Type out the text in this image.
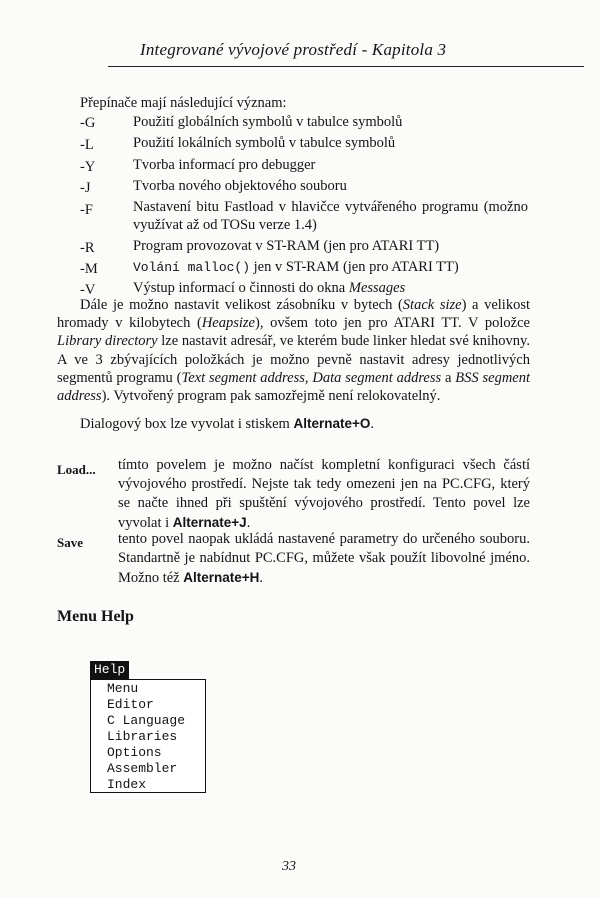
Integrované vývojové prostředí - Kapitola 3
Přepínače mají následující význam:
-G	Použití globálních symbolů v tabulce symbolů
-L	Použití lokálních symbolů v tabulce symbolů
-Y	Tvorba informací pro debugger
-J	Tvorba nového objektového souboru
-F	Nastavení bitu Fastload v hlavičce vytvářeného programu (možno využívat až od TOSu verze 1.4)
-R	Program provozovat v ST-RAM (jen pro ATARI TT)
-M	Volání malloc() jen v ST-RAM (jen pro ATARI TT)
-V	Výstup informací o činnosti do okna Messages
Dále je možno nastavit velikost zásobníku v bytech (Stack size) a velikost hromady v kilobytech (Heapsize), ovšem toto jen pro ATARI TT. V položce Library directory lze nastavit adresář, ve kterém bude linker hledat své knihovny. A ve 3 zbývajících položkách je možno pevně nastavit adresy jednotlivých segmentů programu (Text segment address, Data segment address a BSS segment address). Vytvořený program pak samozřejmě není relokovatelný.
Dialogový box lze vyvolat i stiskem Alternate+O.
Load... tímto povelem je možno načíst kompletní konfiguraci všech částí vývojového prostředí. Nejste tak tedy omezeni jen na PC.CFG, který se načte ihned při spuštění vývojového prostředí. Tento povel lze vyvolat i Alternate+J.
Save tento povel naopak ukládá nastavené parametry do určeného souboru. Standartně je nabídnut PC.CFG, můžete však použít libovolné jméno. Možno též Alternate+H.
Menu Help
Help
Menu
Editor
C Language
Libraries
Options
Assembler
Index
33
